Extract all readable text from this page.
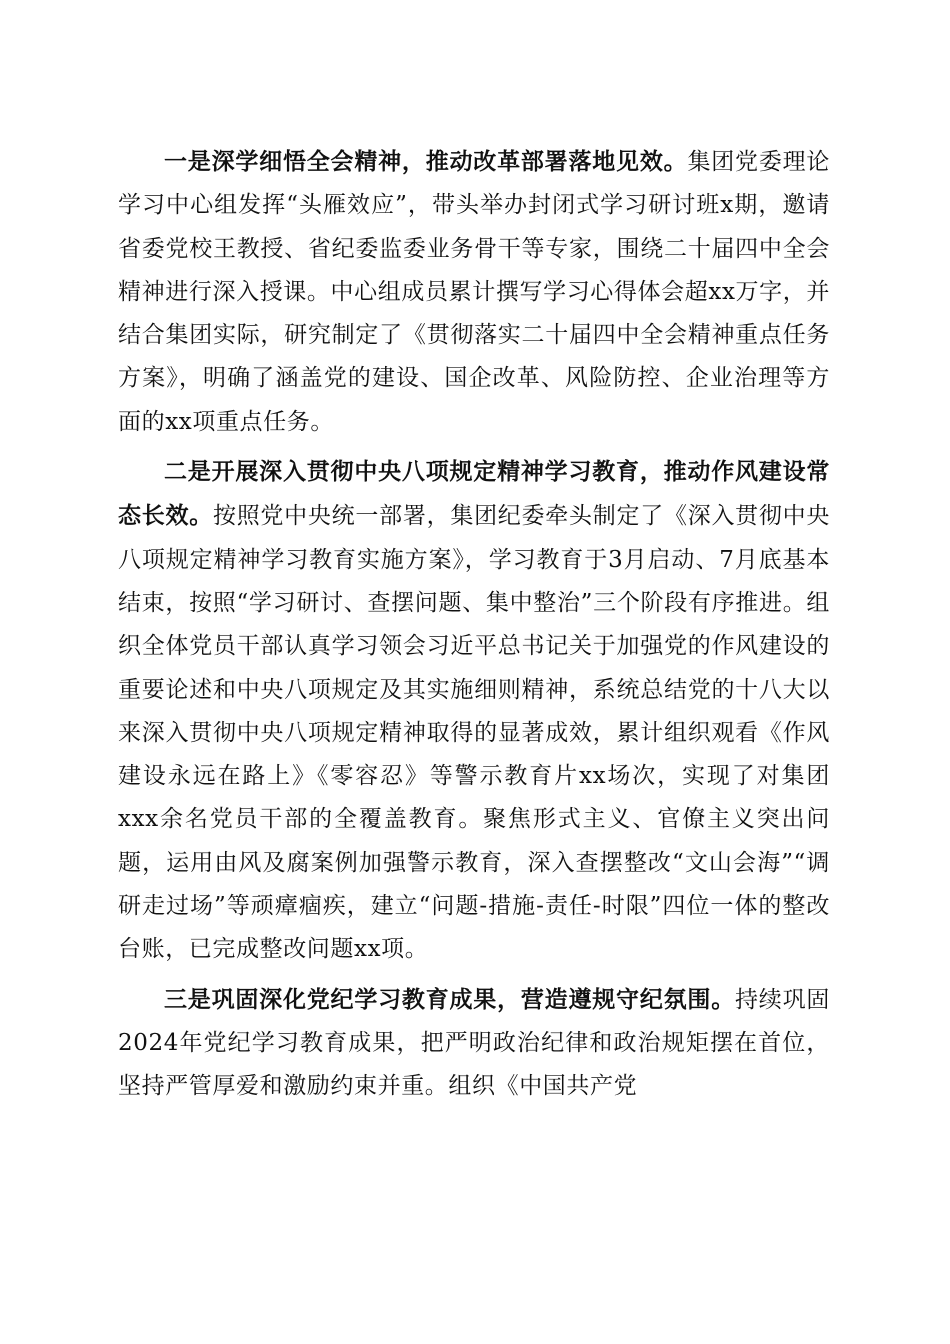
一是深学细悟全会精神，推动改革部署落地见效。集团党委理论学习中心组发挥“头雁效应”，带头举办封闭式学习研讨班x期，邀请省委党校王教授、省纪委监委业务骨干等专家，围绕二十届四中全会精神进行深入授课。中心组成员累计撰写学习心得体会超xx万字，并结合集团实际，研究制定了《贯彻落实二十届四中全会精神重点任务方案》，明确了涵盖党的建设、国企改革、风险防控、企业治理等方面的xx项重点任务。

二是开展深入贯彻中央八项规定精神学习教育，推动作风建设常态长效。按照党中央统一部署，集团纪委牵头制定了《深入贯彻中央八项规定精神学习教育实施方案》，学习教育于3月启动、7月底基本结束，按照“学习研讨、查摆问题、集中整治”三个阶段有序推进。组织全体党员干部认真学习领会习近平总书记关于加强党的作风建设的重要论述和中央八项规定及其实施细则精神，系统总结党的十八大以来深入贯彻中央八项规定精神取得的显著成效，累计组织观看《作风建设永远在路上》《零容忍》等警示教育片xx场次，实现了对集团xxx余名党员干部的全覆盖教育。聚焦形式主义、官僚主义突出问题，运用由风及腐案例加强警示教育，深入查摆整改“文山会海”“调研走过场”等顽瘴痼疾，建立“问题-措施-责任-时限”四位一体的整改台账，已完成整改问题xx项。

三是巩固深化党纪学习教育成果，营造遵规守纪氛围。持续巩固2024年党纪学习教育成果，把严明政治纪律和政治规矩摆在首位，坚持严管厚爱和激励约束并重。组织《中国共产党
